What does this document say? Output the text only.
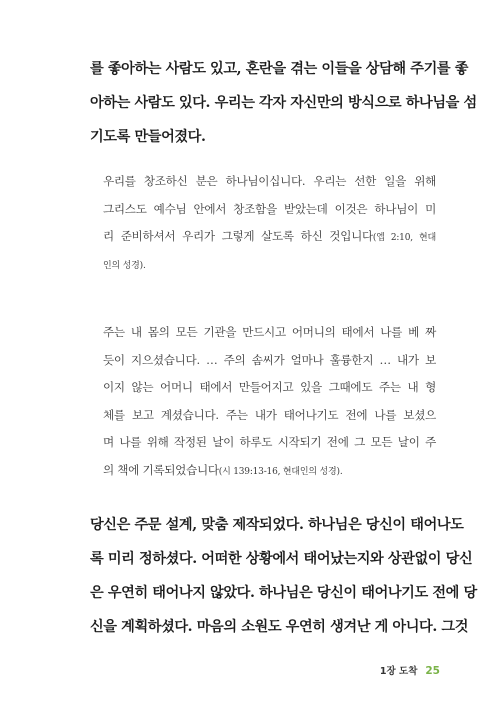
를 좋아하는 사람도 있고, 혼란을 겪는 이들을 상담해 주기를 좋
아하는 사람도 있다. 우리는 각자 자신만의 방식으로 하나님을 섬
기도록 만들어졌다.
우리를 창조하신 분은 하나님이십니다. 우리는 선한 일을 위해
그리스도 예수님 안에서 창조함을 받았는데 이것은 하나님이 미
리 준비하셔서 우리가 그렇게 살도록 하신 것입니다(엡 2:10, 현대
인의 성경).
주는 내 몸의 모든 기관을 만드시고 어머니의 태에서 나를 베 짜
듯이 지으셨습니다. … 주의 솜씨가 얼마나 훌륭한지 … 내가 보
이지 않는 어머니 태에서 만들어지고 있을 그때에도 주는 내 형
체를 보고 계셨습니다. 주는 내가 태어나기도 전에 나를 보셨으
며 나를 위해 작정된 날이 하루도 시작되기 전에 그 모든 날이 주
의 책에 기록되었습니다(시 139:13-16, 현대인의 성경).
당신은 주문 설계, 맞춤 제작되었다. 하나님은 당신이 태어나도
록 미리 정하셨다. 어떠한 상황에서 태어났는지와 상관없이 당신
은 우연히 태어나지 않았다. 하나님은 당신이 태어나기도 전에 당
신을 계획하셨다. 마음의 소원도 우연히 생겨난 게 아니다. 그것
1장 도착 25
